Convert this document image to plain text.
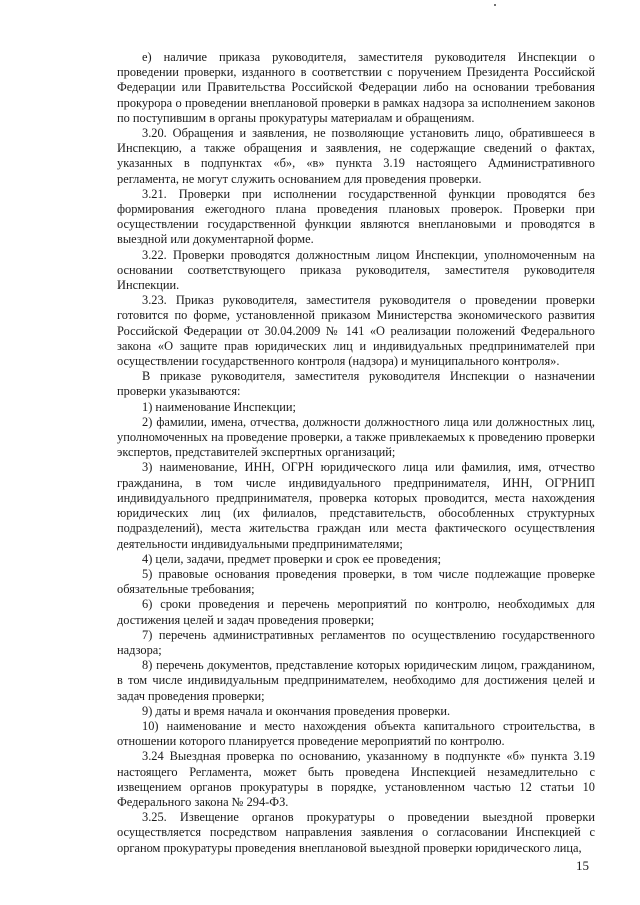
е) наличие приказа руководителя, заместителя руководителя Инспекции о проведении проверки, изданного в соответствии с поручением Президента Российской Федерации или Правительства Российской Федерации либо на основании требования прокурора о проведении внеплановой проверки в рамках надзора за исполнением законов по поступившим в органы прокуратуры материалам и обращениям.

3.20. Обращения и заявления, не позволяющие установить лицо, обратившееся в Инспекцию, а также обращения и заявления, не содержащие сведений о фактах, указанных в подпунктах «б», «в» пункта 3.19 настоящего Административного регламента, не могут служить основанием для проведения проверки.

3.21. Проверки при исполнении государственной функции проводятся без формирования ежегодного плана проведения плановых проверок. Проверки при осуществлении государственной функции являются внеплановыми и проводятся в выездной или документарной форме.

3.22. Проверки проводятся должностным лицом Инспекции, уполномоченным на основании соответствующего приказа руководителя, заместителя руководителя Инспекции.

3.23. Приказ руководителя, заместителя руководителя о проведении проверки готовится по форме, установленной приказом Министерства экономического развития Российской Федерации от 30.04.2009 № 141 «О реализации положений Федерального закона «О защите прав юридических лиц и индивидуальных предпринимателей при осуществлении государственного контроля (надзора) и муниципального контроля».

В приказе руководителя, заместителя руководителя Инспекции о назначении проверки указываются:

1) наименование Инспекции;

2) фамилии, имена, отчества, должности должностного лица или должностных лиц, уполномоченных на проведение проверки, а также привлекаемых к проведению проверки экспертов, представителей экспертных организаций;

3) наименование, ИНН, ОГРН юридического лица или фамилия, имя, отчество гражданина, в том числе индивидуального предпринимателя, ИНН, ОГРНИП индивидуального предпринимателя, проверка которых проводится, места нахождения юридических лиц (их филиалов, представительств, обособленных структурных подразделений), места жительства граждан или места фактического осуществления деятельности индивидуальными предпринимателями;

4) цели, задачи, предмет проверки и срок ее проведения;

5) правовые основания проведения проверки, в том числе подлежащие проверке обязательные требования;

6) сроки проведения и перечень мероприятий по контролю, необходимых для достижения целей и задач проведения проверки;

7) перечень административных регламентов по осуществлению государственного надзора;

8) перечень документов, представление которых юридическим лицом, гражданином, в том числе индивидуальным предпринимателем, необходимо для достижения целей и задач проведения проверки;

9) даты и время начала и окончания проведения проверки.

10) наименование и место нахождения объекта капитального строительства, в отношении которого планируется проведение мероприятий по контролю.

3.24 Выездная проверка по основанию, указанному в подпункте «б» пункта 3.19 настоящего Регламента, может быть проведена Инспекцией незамедлительно с извещением органов прокуратуры в порядке, установленном частью 12 статьи 10 Федерального закона № 294-ФЗ.

3.25. Извещение органов прокуратуры о проведении выездной проверки осуществляется посредством направления заявления о согласовании Инспекцией с органом прокуратуры проведения внеплановой выездной проверки юридического лица,

15
